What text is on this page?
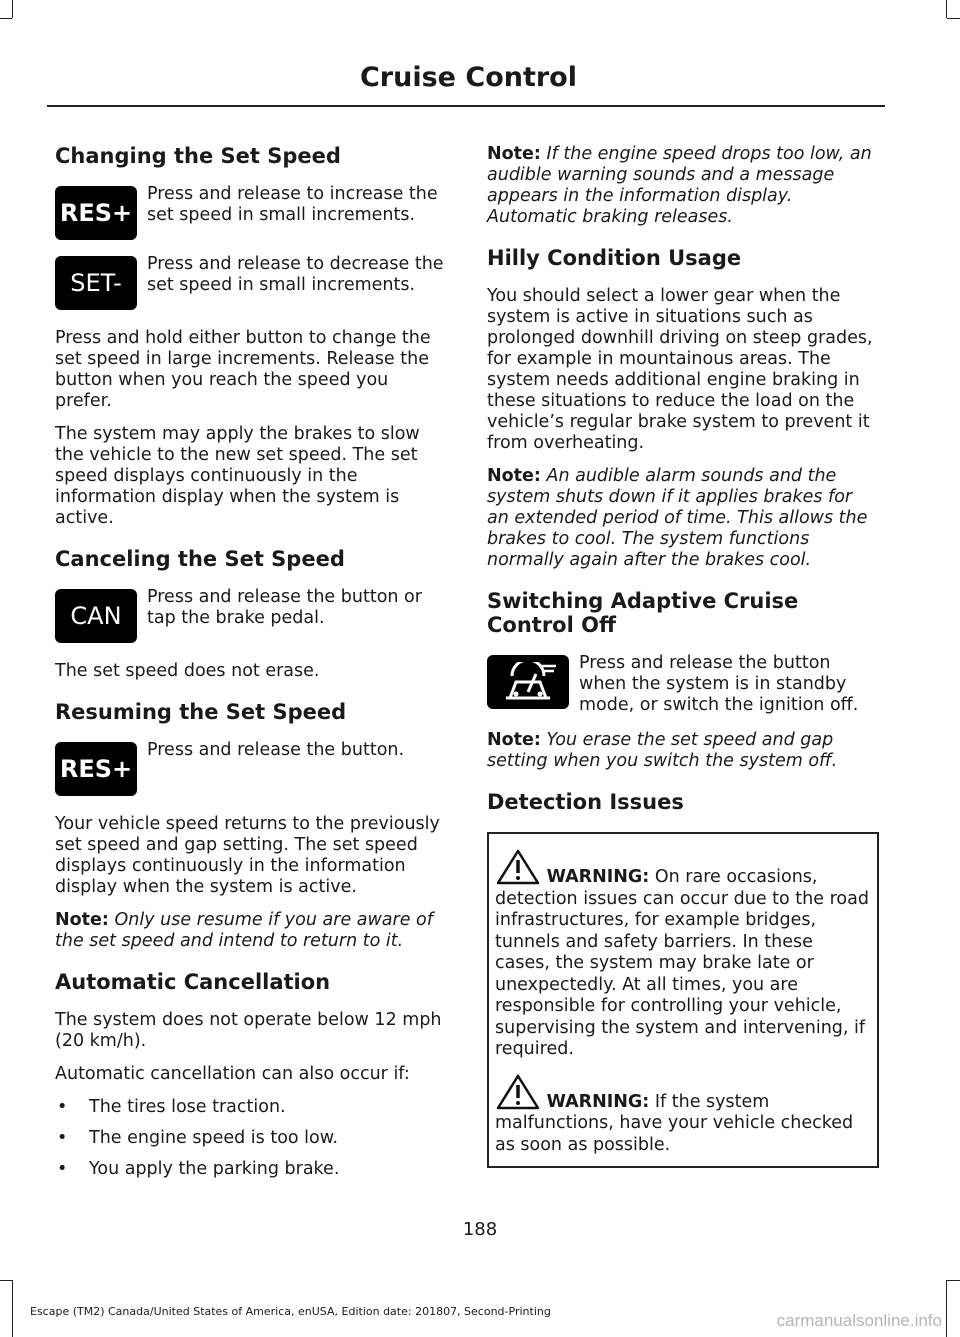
Cruise Control
Changing the Set Speed
RES+
Press and release to increase the set speed in small increments.
SET-
Press and release to decrease the set speed in small increments.

Press and hold either button to change the set speed in large increments. Release the button when you reach the speed you prefer.

The system may apply the brakes to slow the vehicle to the new set speed. The set speed displays continuously in the information display when the system is active.

Canceling the Set Speed
CAN
Press and release the button or tap the brake pedal.

The set speed does not erase.

Resuming the Set Speed
RES+
Press and release the button.

Your vehicle speed returns to the previously set speed and gap setting. The set speed displays continuously in the information display when the system is active.

Note: Only use resume if you are aware of the set speed and intend to return to it.

Automatic Cancellation

The system does not operate below 12 mph (20 km/h).

Automatic cancellation can also occur if:

• The tires lose traction.
• The engine speed is too low.
• You apply the parking brake.

Note: If the engine speed drops too low, an audible warning sounds and a message appears in the information display. Automatic braking releases.

Hilly Condition Usage

You should select a lower gear when the system is active in situations such as prolonged downhill driving on steep grades, for example in mountainous areas. The system needs additional engine braking in these situations to reduce the load on the vehicle’s regular brake system to prevent it from overheating.

Note: An audible alarm sounds and the system shuts down if it applies brakes for an extended period of time. This allows the brakes to cool. The system functions normally again after the brakes cool.

Switching Adaptive Cruise Control Off
Press and release the button when the system is in standby mode, or switch the ignition off.

Note: You erase the set speed and gap setting when you switch the system off.

Detection Issues

WARNING: On rare occasions, detection issues can occur due to the road infrastructures, for example bridges, tunnels and safety barriers. In these cases, the system may brake late or unexpectedly. At all times, you are responsible for controlling your vehicle, supervising the system and intervening, if required.

WARNING: If the system malfunctions, have your vehicle checked as soon as possible.

188
Escape (TM2) Canada/United States of America, enUSA, Edition date: 201807, Second-Printing	carmanualsonline.info
